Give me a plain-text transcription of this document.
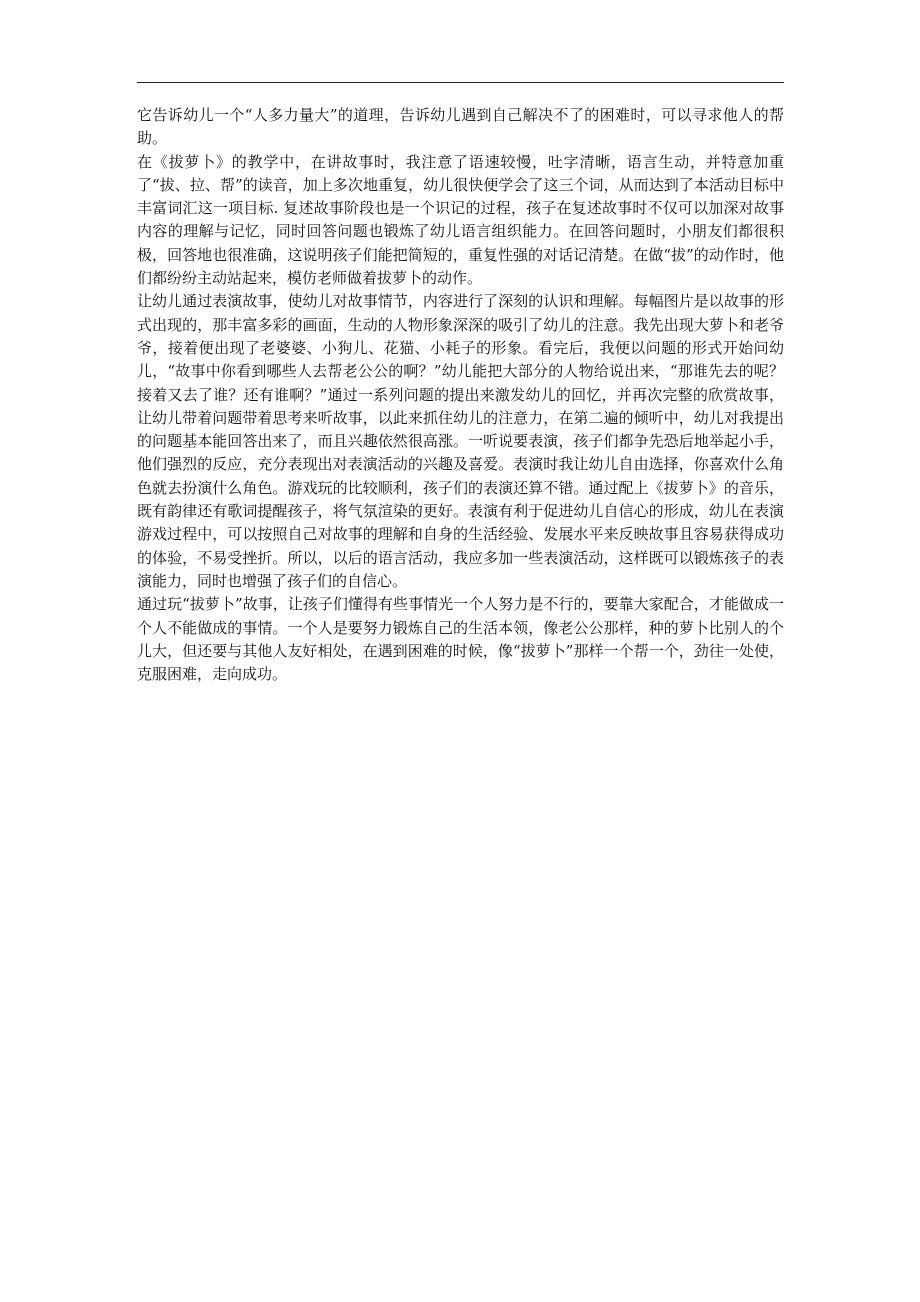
它告诉幼儿一个“人多力量大”的道理，告诉幼儿遇到自己解决不了的困难时，可以寻求他人的帮助。

在《拔萝卜》的教学中，在讲故事时，我注意了语速较慢，吐字清晰，语言生动，并特意加重了“拔、拉、帮”的读音，加上多次地重复，幼儿很快便学会了这三个词，从而达到了本活动目标中丰富词汇这一项目标. 复述故事阶段也是一个识记的过程，孩子在复述故事时不仅可以加深对故事内容的理解与记忆，同时回答问题也锻炼了幼儿语言组织能力。在回答问题时，小朋友们都很积极，回答地也很准确，这说明孩子们能把简短的，重复性强的对话记清楚。在做“拔”的动作时，他们都纷纷主动站起来，模仿老师做着拔萝卜的动作。

让幼儿通过表演故事，使幼儿对故事情节，内容进行了深刻的认识和理解。每幅图片是以故事的形式出现的，那丰富多彩的画面，生动的人物形象深深的吸引了幼儿的注意。我先出现大萝卜和老爷爷，接着便出现了老婆婆、小狗儿、花猫、小耗子的形象。看完后，我便以问题的形式开始问幼儿，“故事中你看到哪些人去帮老公公的啊？”幼儿能把大部分的人物给说出来，“那谁先去的呢？接着又去了谁？还有谁啊？”通过一系列问题的提出来激发幼儿的回忆，并再次完整的欣赏故事，让幼儿带着问题带着思考来听故事，以此来抓住幼儿的注意力，在第二遍的倾听中，幼儿对我提出的问题基本能回答出来了，而且兴趣依然很高涨。一听说要表演，孩子们都争先恐后地举起小手，他们强烈的反应，充分表现出对表演活动的兴趣及喜爱。表演时我让幼儿自由选择，你喜欢什么角色就去扮演什么角色。游戏玩的比较顺利，孩子们的表演还算不错。通过配上《拔萝卜》的音乐，既有韵律还有歌词提醒孩子，将气氛渲染的更好。表演有利于促进幼儿自信心的形成，幼儿在表演游戏过程中，可以按照自己对故事的理解和自身的生活经验、发展水平来反映故事且容易获得成功的体验，不易受挫折。所以，以后的语言活动，我应多加一些表演活动，这样既可以锻炼孩子的表演能力，同时也增强了孩子们的自信心。

通过玩“拔萝卜”故事，让孩子们懂得有些事情光一个人努力是不行的，要靠大家配合，才能做成一个人不能做成的事情。一个人是要努力锻炼自己的生活本领，像老公公那样，种的萝卜比别人的个儿大，但还要与其他人友好相处，在遇到困难的时候，像“拔萝卜”那样一个帮一个，劲往一处使，克服困难，走向成功。
